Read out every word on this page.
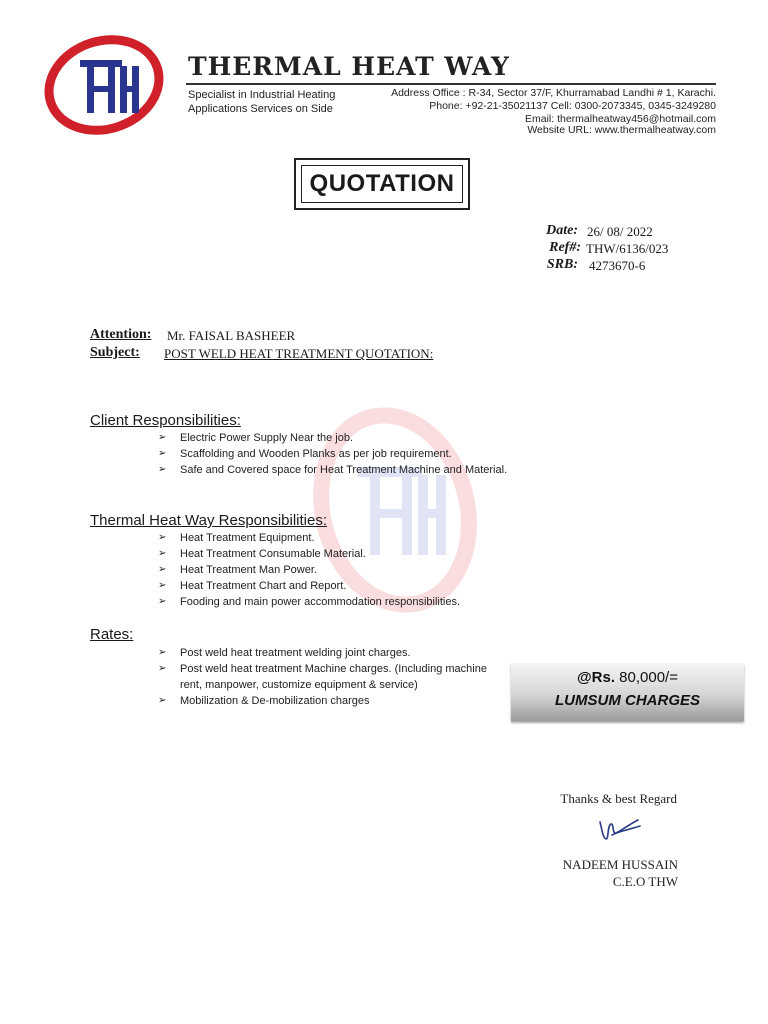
THERMAL HEAT WAY
Specialist in Industrial Heating
Applications Services on Side
Address Office : R-34, Sector 37/F, Khurramabad Landhi # 1, Karachi.
Phone: +92-21-35021137 Cell: 0300-2073345, 0345-3249280
Email: thermalheatway456@hotmail.com
Website URL: www.thermalheatway.com
QUOTATION
Date: 26/ 08/ 2022
Ref#: THW/6136/023
SRB: 4273670-6
Attention: Mr. FAISAL BASHEER
Subject: POST WELD HEAT TREATMENT QUOTATION:
Client Responsibilities:
➢ Electric Power Supply Near the job.
➢ Scaffolding and Wooden Planks as per job requirement.
➢ Safe and Covered space for Heat Treatment Machine and Material.
Thermal Heat Way Responsibilities:
➢ Heat Treatment Equipment.
➢ Heat Treatment Consumable Material.
➢ Heat Treatment Man Power.
➢ Heat Treatment Chart and Report.
➢ Fooding and main power accommodation responsibilities.
Rates:
➢ Post weld heat treatment welding joint charges.
➢ Post weld heat treatment Machine charges. (Including machine rent, manpower, customize equipment & service)
➢ Mobilization & De-mobilization charges
@Rs. 80,000/=
LUMSUM CHARGES
Thanks & best Regard
NADEEM HUSSAIN
C.E.O THW
